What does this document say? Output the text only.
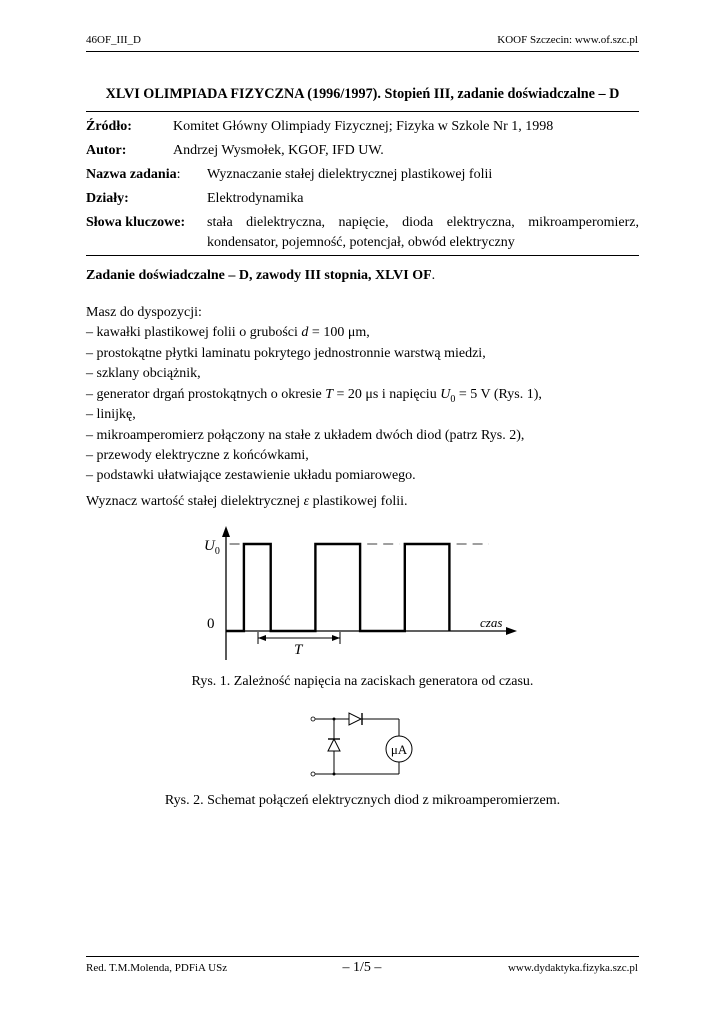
46OF_III_D	KOOF Szczecin: www.of.szc.pl
XLVI OLIMPIADA FIZYCZNA (1996/1997). Stopień III, zadanie doświadczalne – D
Źródło:	Komitet Główny Olimpiady Fizycznej; Fizyka w Szkole Nr 1, 1998
Autor:	Andrzej Wysmołek, KGOF, IFD UW.
Nazwa zadania: Wyznaczanie stałej dielektrycznej plastikowej folii
Działy:	Elektrodynamika
Słowa kluczowe: stała dielektryczna, napięcie, dioda elektryczna, mikroamperomierz, kondensator, pojemność, potencjał, obwód elektryczny
Zadanie doświadczalne – D, zawody III stopnia, XLVI OF.
Masz do dyspozycji:
– kawałki plastikowej folii o grubości d = 100 μm,
– prostokątne płytki laminatu pokrytego jednostronnie warstwą miedzi,
– szklany obciążnik,
– generator drgań prostokątnych o okresie T = 20 μs i napięciu $U_0 = 5$ V (Rys. 1),
– linijkę,
– mikroamperomierz połączony na stałe z układem dwóch diod (patrz Rys. 2),
– przewody elektryczne z końcówkami,
– podstawki ułatwiające zestawienie układu pomiarowego.
Wyznacz wartość stałej dielektrycznej ε plastikowej folii.
$U_0$
0	czas
T
Rys. 1. Zależność napięcia na zaciskach generatora od czasu.
μA
Rys. 2. Schemat połączeń elektrycznych diod z mikroamperomierzem.
Red. T.M.Molenda, PDFiA USz	– 1/5 –	www.dydaktyka.fizyka.szc.pl
